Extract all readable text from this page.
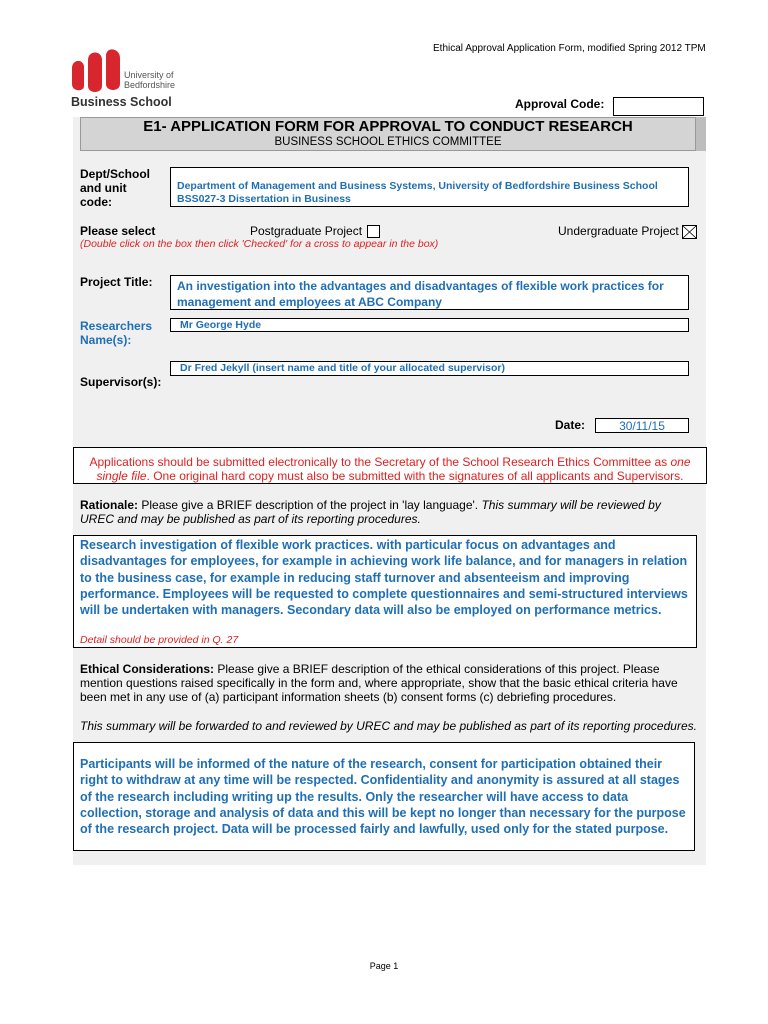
Ethical Approval Application Form, modified Spring 2012 TPM
University of
Bedfordshire
Business School	Approval Code:
E1- APPLICATION FORM FOR APPROVAL TO CONDUCT RESEARCH
BUSINESS SCHOOL ETHICS COMMITTEE
Dept/School
and unit
code:
Department of Management and Business Systems, University of Bedfordshire Business School
BSS027-3 Dissertation in Business
Please select	Postgraduate Project	Undergraduate Project
(Double click on the box then click 'Checked' for a cross to appear in the box)
Project Title: An investigation into the advantages and disadvantages of flexible work practices for
management and employees at ABC Company
Researchers
Name(s):
Mr George Hyde
Dr Fred Jekyll (insert name and title of your allocated supervisor)
Supervisor(s):
Date:	30/11/15
Applications should be submitted electronically to the Secretary of the School Research Ethics Committee as one single file. One original hard copy must also be submitted with the signatures of all applicants and Supervisors.
Rationale: Please give a BRIEF description of the project in 'lay language'. This summary will be reviewed by UREC and may be published as part of its reporting procedures.
Research investigation of flexible work practices. with particular focus on advantages and disadvantages for employees, for example in achieving work life balance, and for managers in relation to the business case, for example in reducing staff turnover and absenteeism and improving performance. Employees will be requested to complete questionnaires and semi-structured interviews will be undertaken with managers. Secondary data will also be employed on performance metrics.
Detail should be provided in Q. 27
Ethical Considerations: Please give a BRIEF description of the ethical considerations of this project. Please mention questions raised specifically in the form and, where appropriate, show that the basic ethical criteria have been met in any use of (a) participant information sheets (b) consent forms (c) debriefing procedures.
This summary will be forwarded to and reviewed by UREC and may be published as part of its reporting procedures.
Participants will be informed of the nature of the research, consent for participation obtained their right to withdraw at any time will be respected. Confidentiality and anonymity is assured at all stages of the research including writing up the results. Only the researcher will have access to data collection, storage and analysis of data and this will be kept no longer than necessary for the purpose of the research project. Data will be processed fairly and lawfully, used only for the stated purpose.
Page 1
